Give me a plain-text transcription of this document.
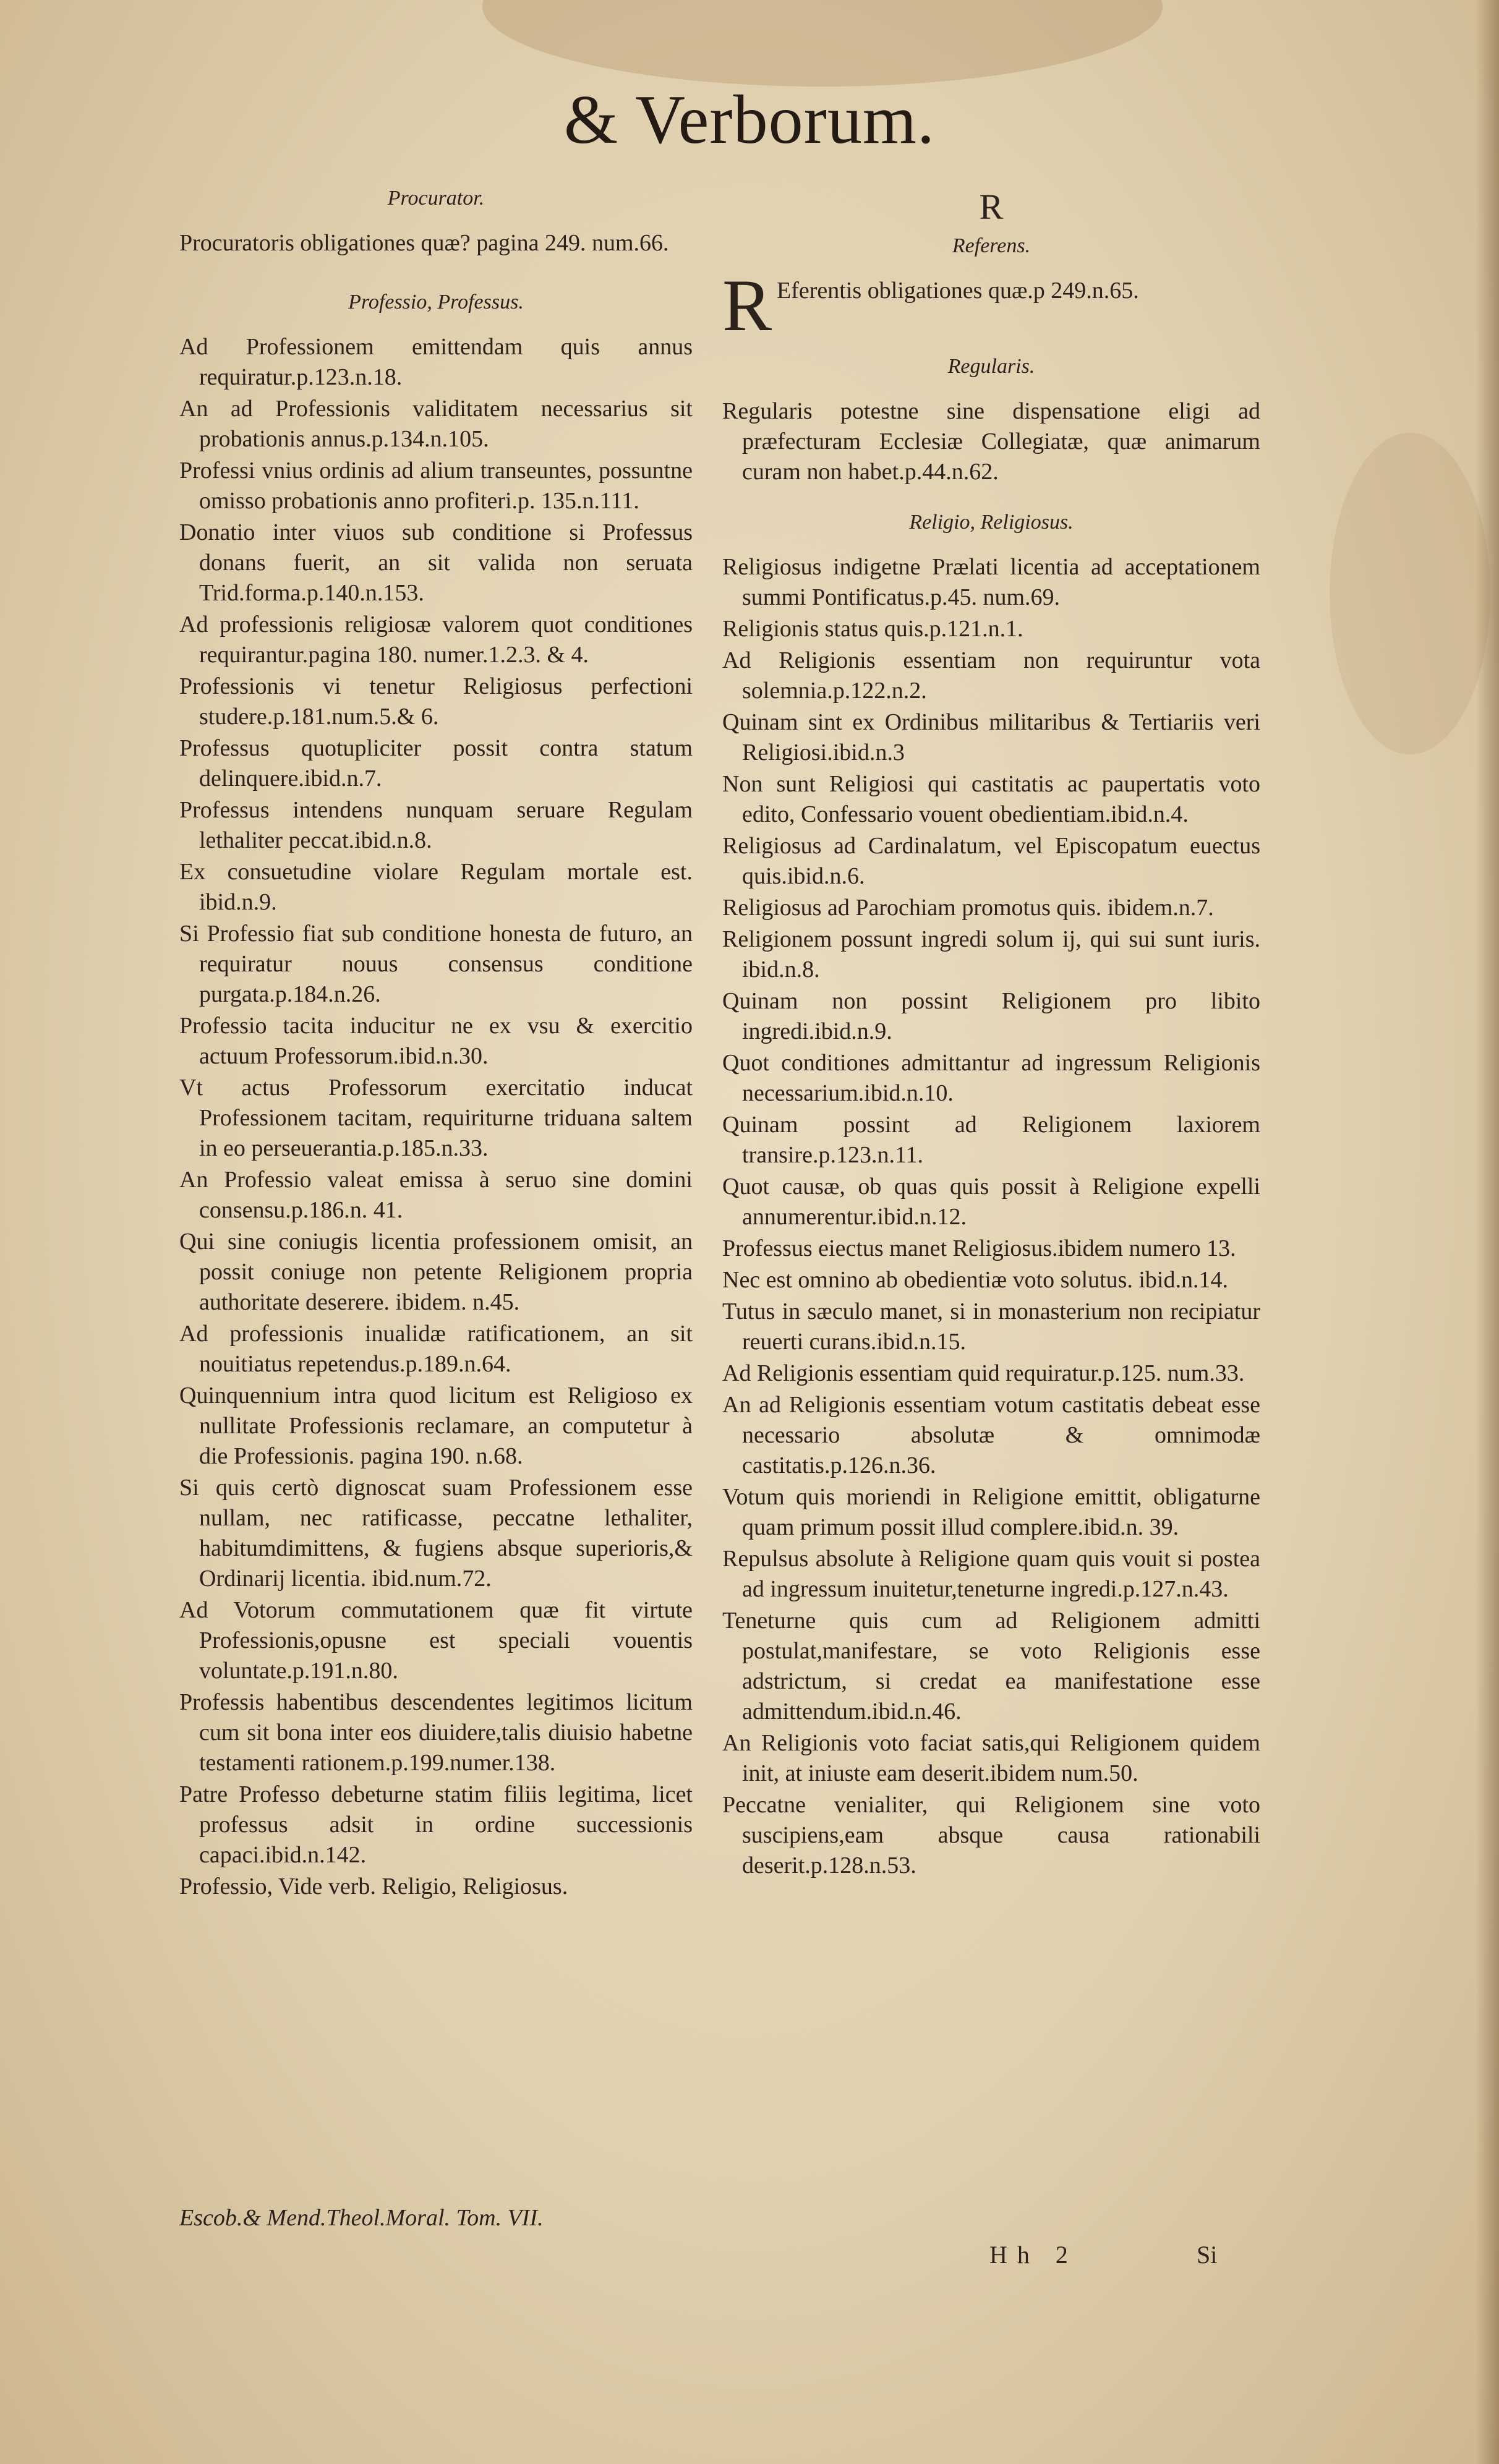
& Verborum.
Procurator.

Procuratoris obligationes quæ? pagina 249. num.66.

Professio, Professus.

Ad Professionem emittendam quis annus requiratur.p.123.n.18.

An ad Professionis validitatem necessarius sit probationis annus.p.134.n.105.

Professi vnius ordinis ad alium transeuntes, possuntne omisso probationis anno profiteri.p. 135.n.111.

Donatio inter viuos sub conditione si Professus donans fuerit, an sit valida non seruata Trid.forma.p.140.n.153.

Ad professionis religiosæ valorem quot conditiones requirantur.pagina 180. numer.1.2.3. & 4.

Professionis vi tenetur Religiosus perfectioni studere.p.181.num.5.& 6.

Professus quotupliciter possit contra statum delinquere.ibid.n.7.

Professus intendens nunquam seruare Regulam lethaliter peccat.ibid.n.8.

Ex consuetudine violare Regulam mortale est. ibid.n.9.

Si Professio fiat sub conditione honesta de futuro, an requiratur nouus consensus conditione purgata.p.184.n.26.

Professio tacita inducitur ne ex vsu & exercitio actuum Professorum.ibid.n.30.

Vt actus Professorum exercitatio inducat Professionem tacitam, requiriturne triduana saltem in eo perseuerantia.p.185.n.33.

An Professio valeat emissa à seruo sine domini consensu.p.186.n. 41.

Qui sine coniugis licentia professionem omisit, an possit coniuge non petente Religionem propria authoritate deserere. ibidem. n.45.

Ad professionis inualidæ ratificationem, an sit nouitiatus repetendus.p.189.n.64.

Quinquennium intra quod licitum est Religioso ex nullitate Professionis reclamare, an computetur à die Professionis. pagina 190. n.68.

Si quis certò dignoscat suam Professionem esse nullam, nec ratificasse, peccatne lethaliter, habitumdimittens, & fugiens absque superioris,& Ordinarij licentia. ibid.num.72.

Ad Votorum commutationem quæ fit virtute Professionis,opusne est speciali vouentis voluntate.p.191.n.80.

Professis habentibus descendentes legitimos licitum cum sit bona inter eos diuidere,talis diuisio habetne testamenti rationem.p.199.numer.138.

Patre Professo debeturne statim filiis legitima, licet professus adsit in ordine successionis capaci.ibid.n.142.

Professio, Vide verb. Religio, Religiosus.

R
Referens.

R Eferentis obligationes quæ.p 249.n.65.

Regularis.

Regularis potestne sine dispensatione eligi ad præfecturam Ecclesiæ Collegiatæ, quæ animarum curam non habet.p.44.n.62.

Religio, Religiosus.

Religiosus indigetne Prælati licentia ad acceptationem summi Pontificatus.p.45. num.69.

Religionis status quis.p.121.n.1.

Ad Religionis essentiam non requiruntur vota solemnia.p.122.n.2.

Quinam sint ex Ordinibus militaribus & Tertiariis veri Religiosi.ibid.n.3

Non sunt Religiosi qui castitatis ac paupertatis voto edito, Confessario vouent obedientiam.ibid.n.4.

Religiosus ad Cardinalatum, vel Episcopatum euectus quis.ibid.n.6.

Religiosus ad Parochiam promotus quis. ibidem.n.7.

Religionem possunt ingredi solum ij, qui sui sunt iuris. ibid.n.8.

Quinam non possint Religionem pro libito ingredi.ibid.n.9.

Quot conditiones admittantur ad ingressum Religionis necessarium.ibid.n.10.

Quinam possint ad Religionem laxiorem transire.p.123.n.11.

Quot causæ, ob quas quis possit à Religione expelli annumerentur.ibid.n.12.

Professus eiectus manet Religiosus.ibidem numero 13.

Nec est omnino ab obedientiæ voto solutus. ibid.n.14.

Tutus in sæculo manet, si in monasterium non recipiatur reuerti curans.ibid.n.15.

Ad Religionis essentiam quid requiratur.p.125. num.33.

An ad Religionis essentiam votum castitatis debeat esse necessario absolutæ & omnimodæ castitatis.p.126.n.36.

Votum quis moriendi in Religione emittit, obligaturne quam primum possit illud complere.ibid.n. 39.

Repulsus absolute à Religione quam quis vouit si postea ad ingressum inuitetur,teneturne ingredi.p.127.n.43.

Teneturne quis cum ad Religionem admitti postulat,manifestare, se voto Religionis esse adstrictum, si credat ea manifestatione esse admittendum.ibid.n.46.

An Religionis voto faciat satis,qui Religionem quidem init, at iniuste eam deserit.ibidem num.50.

Peccatne venialiter, qui Religionem sine voto suscipiens,eam absque causa rationabili deserit.p.128.n.53.

Escob.& Mend.Theol.Moral. Tom. VII.
Hh 2	Si
